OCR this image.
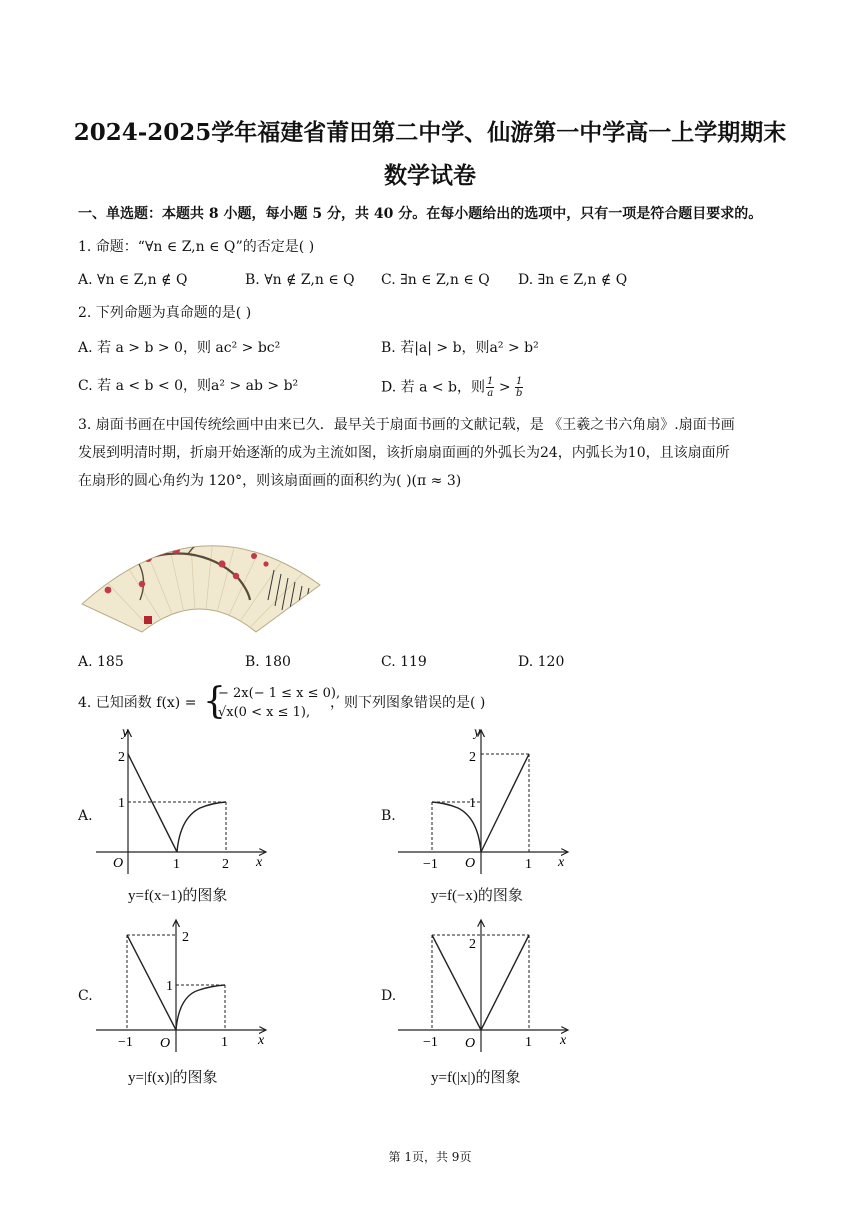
2024-2025学年福建省莆田第二中学、仙游第一中学高一上学期期末
数学试卷
一、单选题：本题共 8 小题，每小题 5 分，共 40 分。在每小题给出的选项中，只有一项是符合题目要求的。
1. 命题：“∀n ∈ Z,n ∈ Q”的否定是( )
A. ∀n ∈ Z,n ∉ Q	B. ∀n ∉ Z,n ∈ Q C. ∃n ∈ Z,n ∈ Q D. ∃n ∈ Z,n ∉ Q
2. 下列命题为真命题的是( )
A. 若 a > b > 0，则 ac² > bc²	B. 若|a| > b，则a² > b²
C. 若 a < b < 0，则a² > ab > b²	D. 若 a < b，则 $\frac{1}{a} > \frac{1}{b}$
3. 扇面书画在中国传统绘画中由来已久．最早关于扇面书画的文献记载，是 《王羲之书六角扇》.扇面书画
发展到明清时期，折扇开始逐渐的成为主流如图，该折扇扇面画的外弧长为24，内弧长为10，且该扇面所
在扇形的圆心角约为 120°，则该扇面画的面积约为( )(π ≈ 3)
A. 185	B. 180	C. 119	D. 120
4. 已知函数 f(x) = {
− 2x(− 1 ≤ x ≤ 0),
√x(0 < x ≤ 1),
，则下列图象错误的是( )
A.	B.
C.	D.
y
x
O	1	2
2
1
y=f(x−1)的图象
y
x
O
−1	1
2
1
y=f(−x)的图象
x
O
−1	1
2
1
y=|f(x)|的图象
x
O
−1	1
2
y=f(|x|)的图象
第 1页，共 9页
